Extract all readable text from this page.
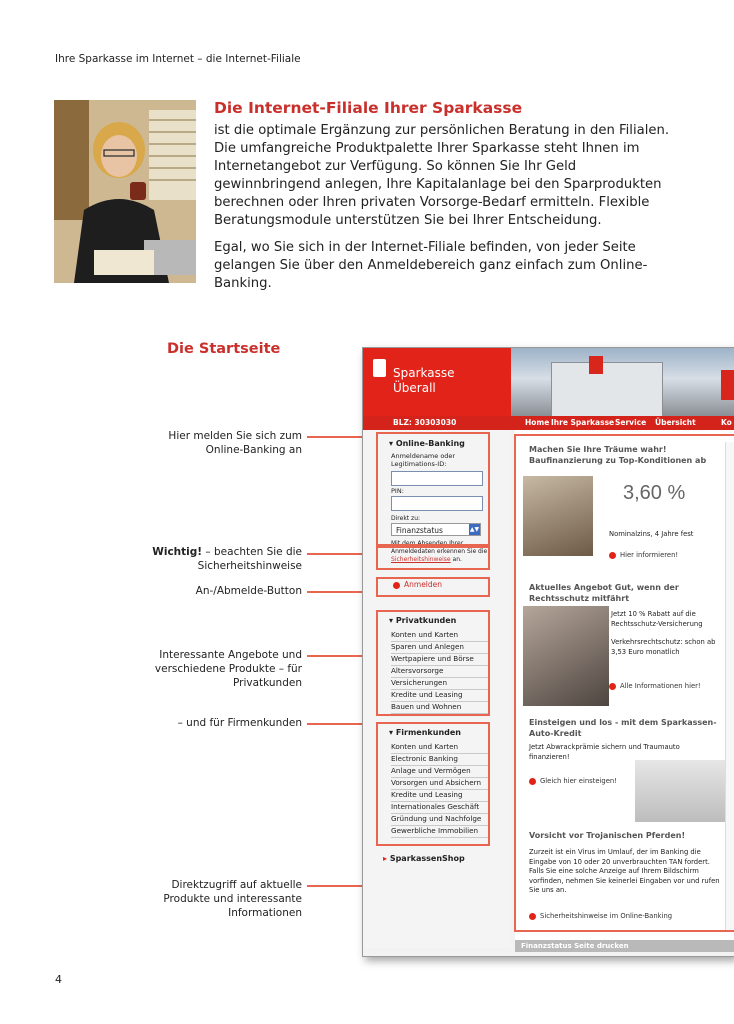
Ihre Sparkasse im Internet – die Internet-Filiale
Die Internet-Filiale Ihrer Sparkasse

ist die optimale Ergänzung zur persönlichen Beratung in den Filialen. Die umfangreiche Produktpalette Ihrer Sparkasse steht Ihnen im Internetangebot zur Verfügung. So können Sie Ihr Geld gewinnbringend anlegen, Ihre Kapitalanlage bei den Sparprodukten berechnen oder Ihren privaten Vorsorge-Bedarf ermitteln. Flexible Beratungsmodule unterstützen Sie bei Ihrer Entscheidung.

Egal, wo Sie sich in der Internet-Filiale befinden, von jeder Seite gelangen Sie über den Anmeldebereich ganz einfach zum Online-Banking.

Die Startseite
Hier melden Sie sich zum Online-Banking an
Wichtig! – beachten Sie die Sicherheitshinweise
An-/Abmelde-Button
Interessante Angebote und verschiedene Produkte – für Privatkunden
– und für Firmenkunden
Direktzugriff auf aktuelle Produkte und interessante Informationen
Sparkasse
Überall
BLZ: 30303030	Home Ihre Sparkasse Service Übersicht	Ko
▾ Online-Banking
Anmeldename oder Legitimations-ID:
PIN:
Direkt zu:
Finanzstatus	▲▼
Mit dem Absenden Ihrer Anmeldedaten erkennen Sie die Sicherheitshinweise an.
Anmelden
▾ Privatkunden
Konten und Karten
Sparen und Anlegen
Wertpapiere und Börse
Altersvorsorge
Versicherungen
Kredite und Leasing
Bauen und Wohnen
▾ Firmenkunden
Konten und Karten
Electronic Banking
Anlage und Vermögen
Vorsorgen und Absichern
Kredite und Leasing
Internationales Geschäft
Gründung und Nachfolge
Gewerbliche Immobilien
▸ SparkassenShop
Machen Sie Ihre Träume wahr! Baufinanzierung zu Top-Konditionen ab
3,60 %
Nominalzins, 4 Jahre fest
Hier informieren!
Aktuelles Angebot Gut, wenn der Rechtsschutz mitfährt
Jetzt 10 % Rabatt auf die Rechtsschutz-Versicherung
Verkehrsrechtschutz: schon ab 3,53 Euro monatlich
Alle Informationen hier!
Einsteigen und los - mit dem Sparkassen-Auto-Kredit
Jetzt Abwrackprämie sichern und Traumauto finanzieren!
Gleich hier einsteigen!
Vorsicht vor Trojanischen Pferden!
Zurzeit ist ein Virus im Umlauf, der im Banking die Eingabe von 10 oder 20 unverbrauchten TAN fordert. Falls Sie eine solche Anzeige auf Ihrem Bildschirm vorfinden, nehmen Sie keinerlei Eingaben vor und rufen Sie uns an.
Sicherheitshinweise im Online-Banking
Finanzstatus Seite drucken
4
